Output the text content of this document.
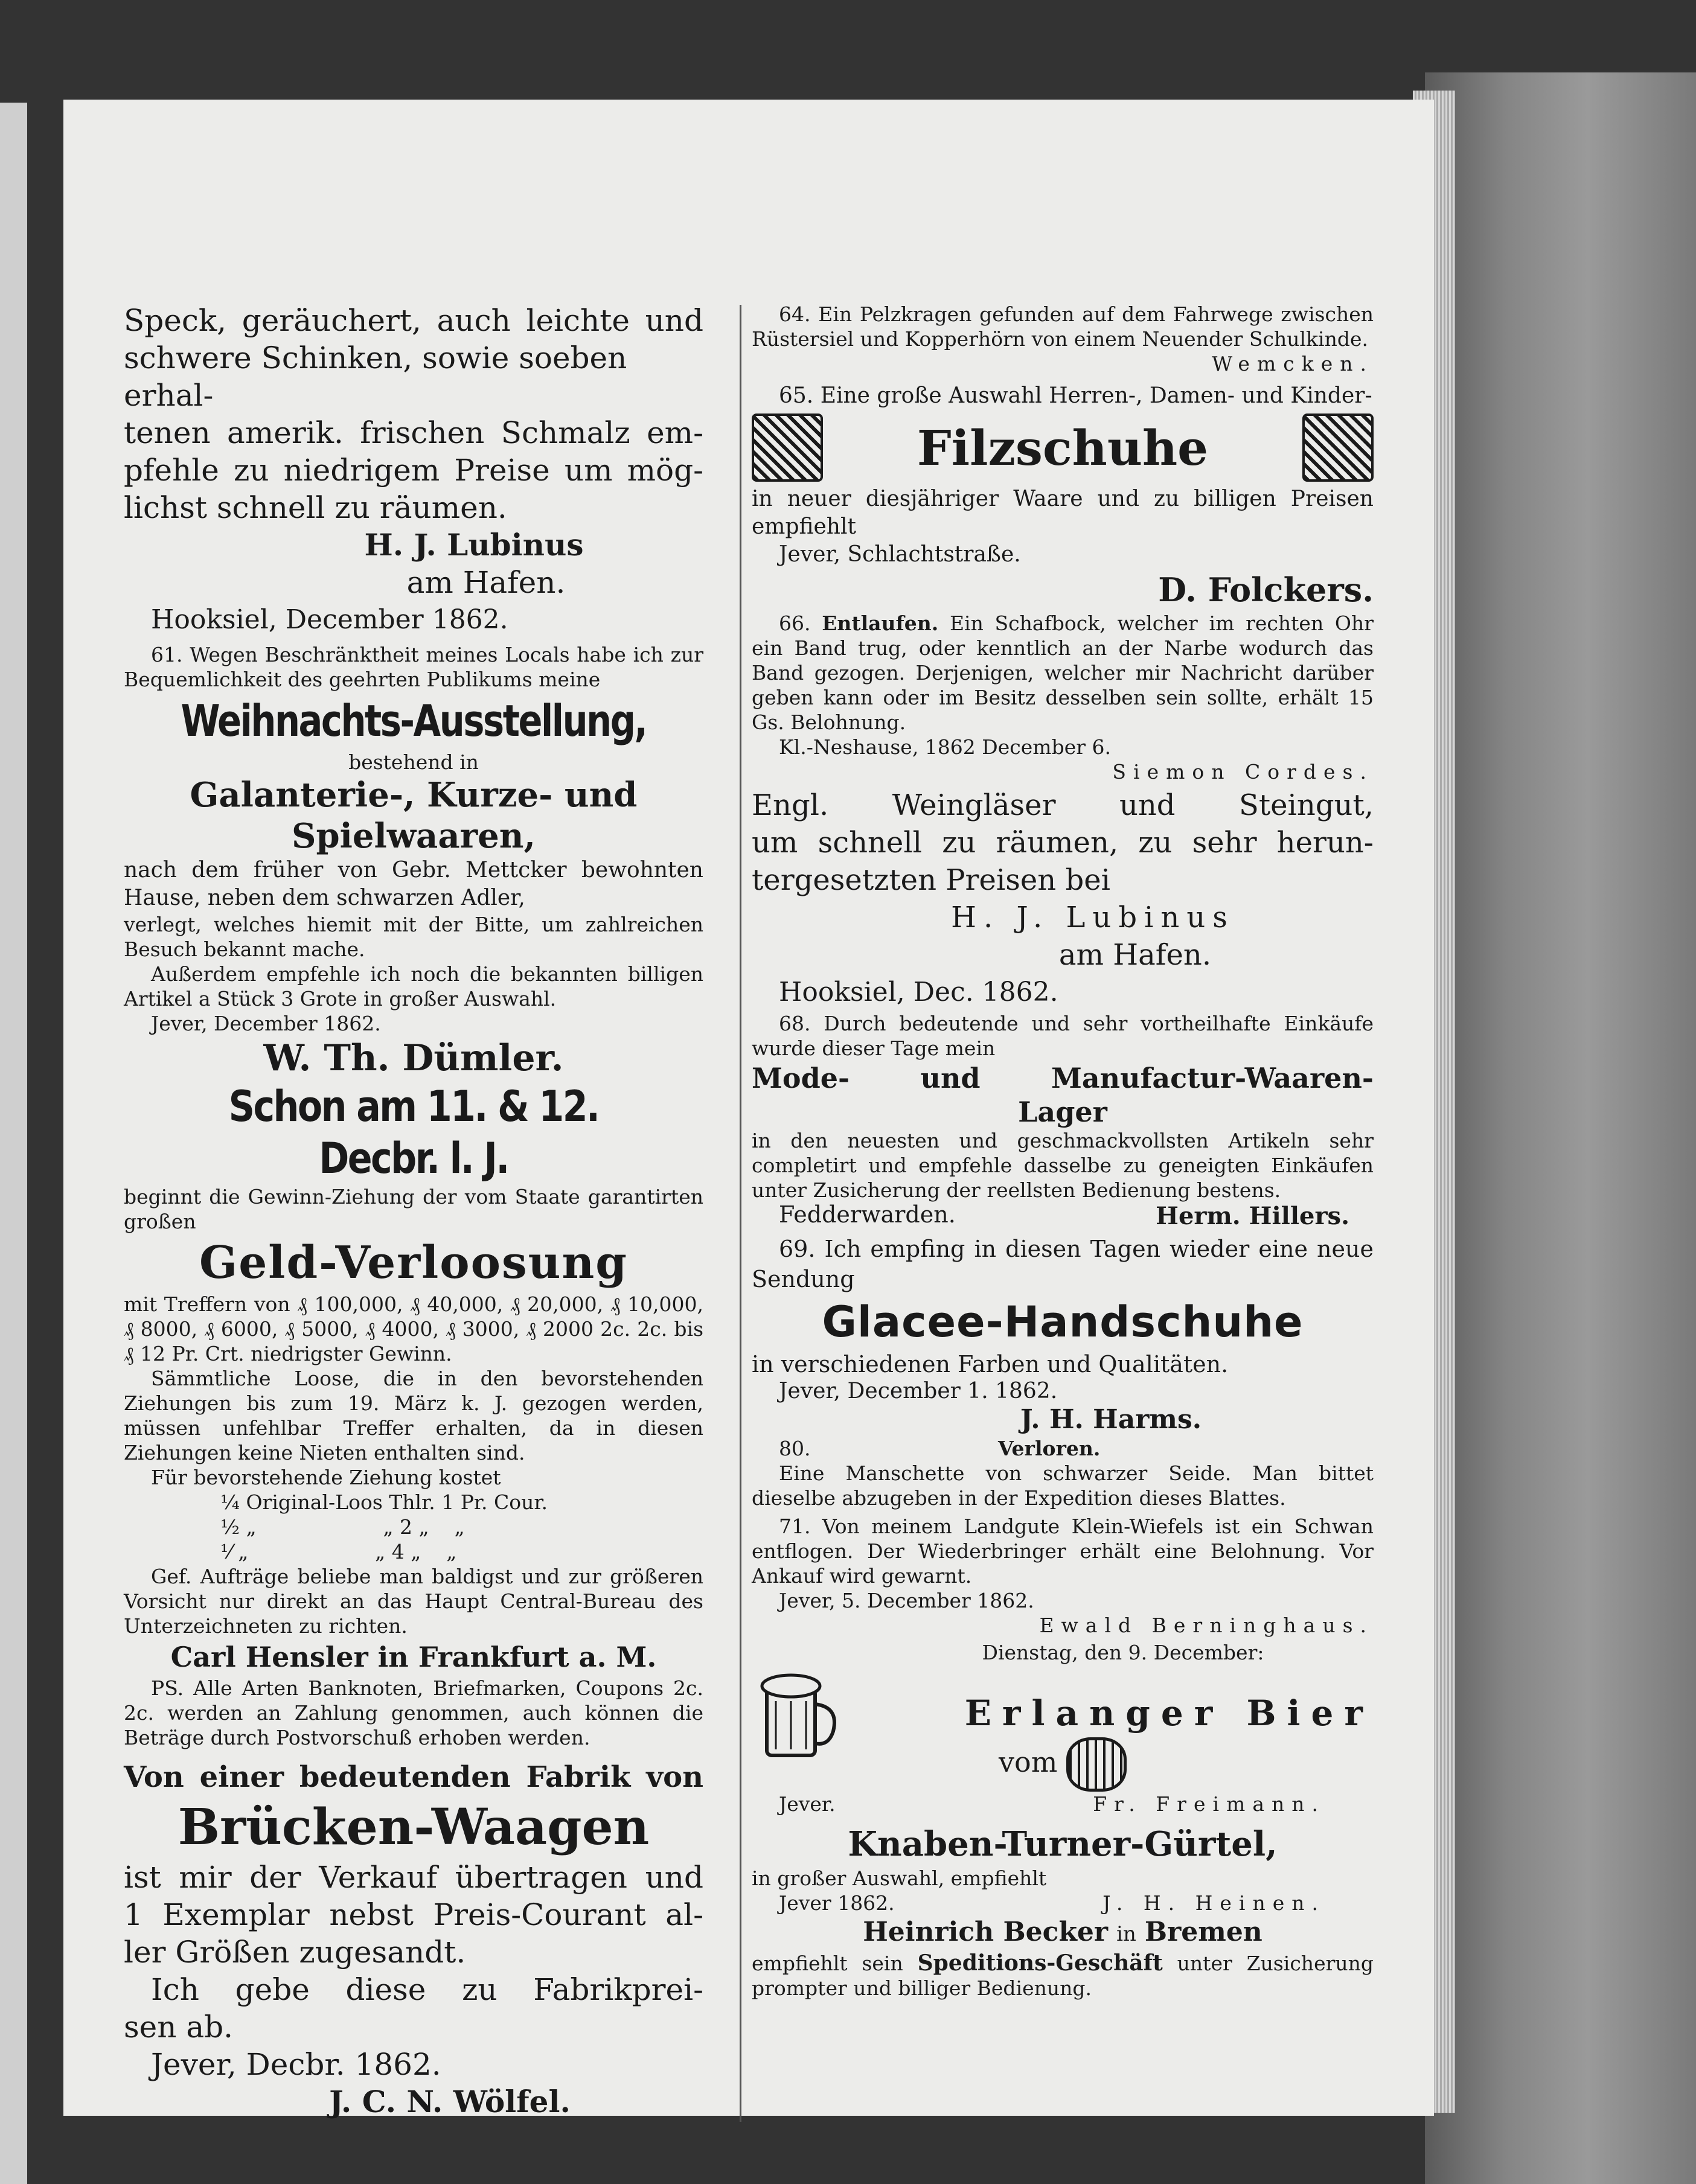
Speck, geräuchert, auch leichte und

schwere Schinken, sowie soeben erhal-

tenen amerik. frischen Schmalz em-

pfehle zu niedrigem Preise um mög-

lichst schnell zu räumen.

H. J. Lubinus

am Hafen.

Hooksiel, December 1862.

61. Wegen Beschränktheit meines Locals habe ich zur Bequemlichkeit des geehrten Publikums meine

Weihnachts-Ausstellung,

bestehend in

Galanterie-, Kurze- und

Spielwaaren,

nach dem früher von Gebr. Mettcker bewohnten Hause, neben dem schwarzen Adler,

verlegt, welches hiemit mit der Bitte, um zahlreichen Besuch bekannt mache.

Außerdem empfehle ich noch die bekannten billigen Artikel a Stück 3 Grote in großer Auswahl.

Jever, December 1862.

W. Th. Dümler.

Schon am 11. & 12. Decbr. l. J.

beginnt die Gewinn-Ziehung der vom Staate garantirten großen

Geld-Verloosung

mit Treffern von ₰ 100,000, ₰ 40,000, ₰ 20,000, ₰ 10,000, ₰ 8000, ₰ 6000, ₰ 5000, ₰ 4000, ₰ 3000, ₰ 2000 2c. 2c. bis ₰ 12 Pr. Crt. niedrigster Gewinn.

Sämmtliche Loose, die in den bevorstehenden Ziehungen bis zum 19. März k. J. gezogen werden, müssen unfehlbar Treffer erhalten, da in diesen Ziehungen keine Nieten enthalten sind.

Für bevorstehende Ziehung kostet

¼ Original-Loos Thlr. 1 Pr. Cour.

½ „                    „ 2 „    „

⅟ „                    „ 4 „    „

Gef. Aufträge beliebe man baldigst und zur größeren Vorsicht nur direkt an das Haupt Central-Bureau des Unterzeichneten zu richten.

Carl Hensler in Frankfurt a. M.

PS. Alle Arten Banknoten, Briefmarken, Coupons 2c. 2c. werden an Zahlung genommen, auch können die Beträge durch Postvorschuß erhoben werden.

Von einer bedeutenden Fabrik von

Brücken-Waagen

ist mir der Verkauf übertragen und

1 Exemplar nebst Preis-Courant al-

ler Größen zugesandt.

Ich gebe diese zu Fabrikprei-

sen ab.

Jever, Decbr. 1862.

J. C. N. Wölfel.

64. Ein Pelzkragen gefunden auf dem Fahrwege zwischen Rüstersiel und Kopperhörn von einem Neuender Schulkinde.

Wemcken.

65. Eine große Auswahl Herren-, Damen- und Kinder-

Filzschuhe

in neuer diesjähriger Waare und zu billigen Preisen empfiehlt

Jever, Schlachtstraße.

D. Folckers.

66. Entlaufen. Ein Schafbock, welcher im rechten Ohr ein Band trug, oder kenntlich an der Narbe wodurch das Band gezogen. Derjenigen, welcher mir Nachricht darüber geben kann oder im Besitz desselben sein sollte, erhält 15 Gs. Belohnung.

Kl.-Neshause, 1862 December 6.

Siemon Cordes.

Engl. Weingläser und Steingut,

um schnell zu räumen, zu sehr herun-

tergesetzten Preisen bei

H. J. Lubinus

am Hafen.

Hooksiel, Dec. 1862.

68. Durch bedeutende und sehr vortheilhafte Einkäufe wurde dieser Tage mein

Mode- und Manufactur-Waaren-

Lager

in den neuesten und geschmackvollsten Artikeln sehr completirt und empfehle dasselbe zu geneigten Einkäufen unter Zusicherung der reellsten Bedienung bestens.

Fedderwarden.	Herm. Hillers.

69. Ich empfing in diesen Tagen wieder eine neue Sendung

Glacee-Handschuhe

in verschiedenen Farben und Qualitäten.

Jever, December 1. 1862.

J. H. Harms.

80.	Verloren.

Eine Manschette von schwarzer Seide. Man bittet dieselbe abzugeben in der Expedition dieses Blattes.

71. Von meinem Landgute Klein-Wiefels ist ein Schwan entflogen. Der Wiederbringer erhält eine Belohnung. Vor Ankauf wird gewarnt.

Jever, 5. December 1862.

Ewald Berninghaus.

Dienstag, den 9. December:

Erlanger Bier

vom

Jever.	Fr. Freimann.

Knaben-Turner-Gürtel,

in großer Auswahl, empfiehlt

Jever 1862.	J. H. Heinen.

Heinrich Becker in Bremen

empfiehlt sein Speditions-Geschäft unter Zusicherung prompter und billiger Bedienung.
